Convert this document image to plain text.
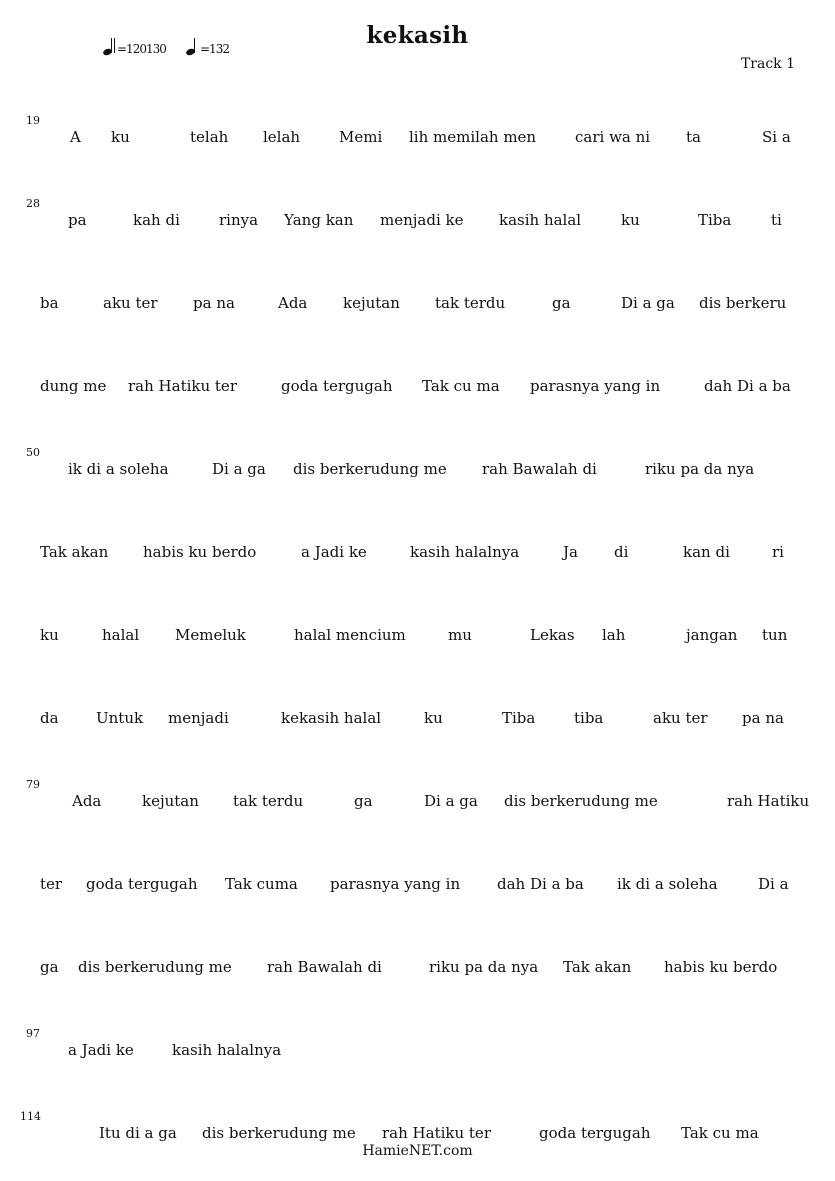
kekasih
=120130	=132
Track 1
19
A ku	telah lelah	Memi lih memilah men	cari wa ni ta	Si a
28
pa	kah di	rinya Yang kan menjadi ke kasih halal	ku	Tiba	ti
ba	aku ter pa na	Ada kejutan tak terdu	ga	Di a ga dis berkeru
dung me rah Hatiku ter	goda tergugah Tak cu ma parasnya yang in	dah Di a ba
50
ik di a soleha	Di a ga dis berkerudung me rah Bawalah di	riku pa da nya
Tak akan habis ku berdo	a Jadi ke	kasih halalnya	Ja di	kan di	ri
ku	halal Memeluk	halal mencium	mu	Lekas lah	jangan tun
da Untuk menjadi	kekasih halal	ku	Tiba	tiba	aku ter pa na
79
Ada	kejutan tak terdu	ga	Di a ga dis berkerudung me	rah Hatiku
ter goda tergugah Tak cuma parasnya yang in dah Di a ba ik di a soleha	Di a
ga dis berkerudung me rah Bawalah di	riku pa da nya Tak akan habis ku berdo
97
a Jadi ke	kasih halalnya
114
Itu di a ga dis berkerudung me rah Hatiku ter	goda tergugah Tak cu ma
HamieNET.com
